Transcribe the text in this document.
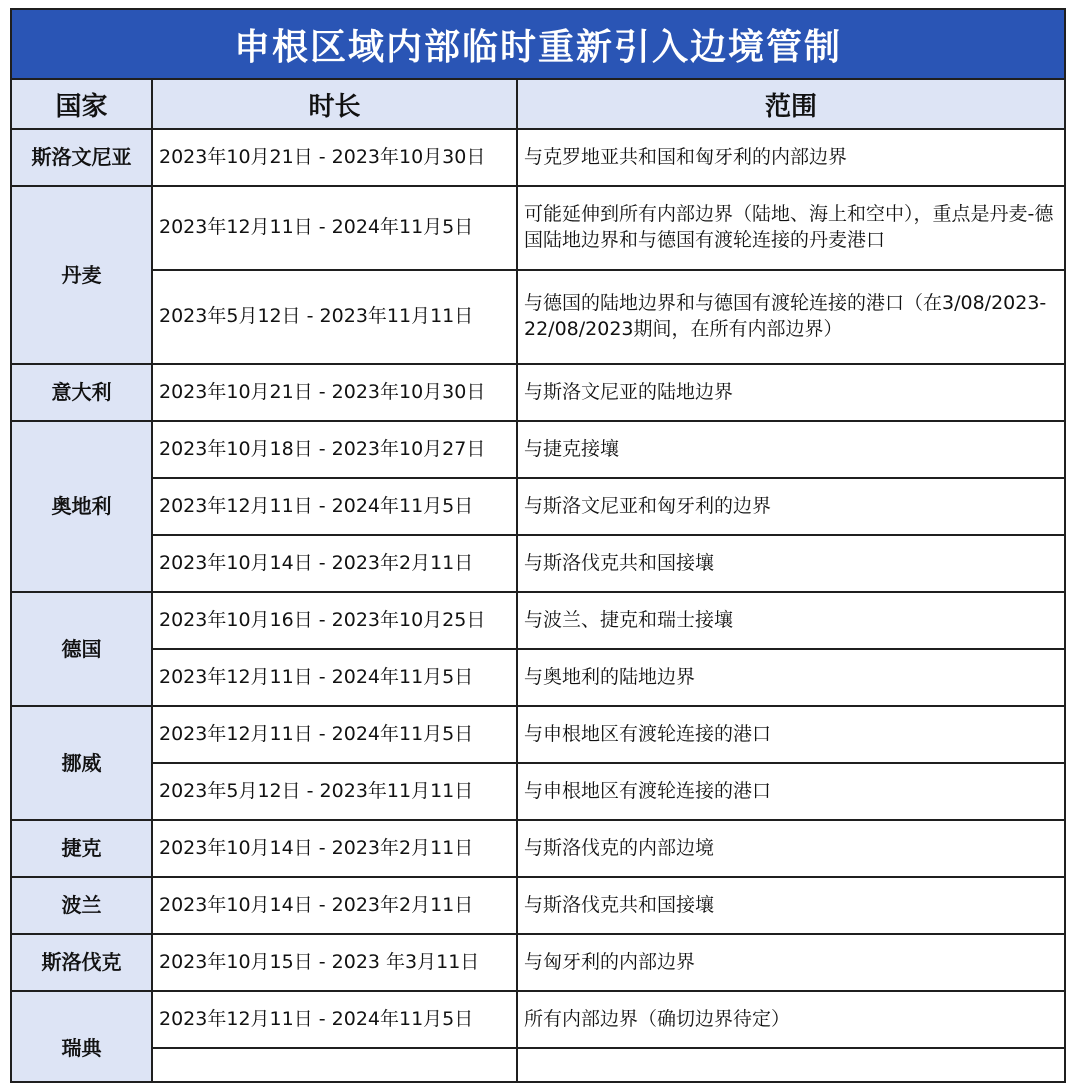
申根区域内部临时重新引入边境管制
国家	时长	范围
斯洛文尼亚	2023年10月21日 - 2023年10月30日	与克罗地亚共和国和匈牙利的内部边界
丹麦	2023年12月11日 - 2024年11月5日	可能延伸到所有内部边界（陆地、海上和空中），重点是丹麦-德国陆地边界和与德国有渡轮连接的丹麦港口
	2023年5月12日 - 2023年11月11日	与德国的陆地边界和与德国有渡轮连接的港口（在3/08/2023-22/08/2023期间，在所有内部边界）
意大利	2023年10月21日 - 2023年10月30日	与斯洛文尼亚的陆地边界
奥地利	2023年10月18日 - 2023年10月27日	与捷克接壤
	2023年12月11日 - 2024年11月5日	与斯洛文尼亚和匈牙利的边界
	2023年10月14日 - 2023年2月11日	与斯洛伐克共和国接壤
德国	2023年10月16日 - 2023年10月25日	与波兰、捷克和瑞士接壤
	2023年12月11日 - 2024年11月5日	与奥地利的陆地边界
挪威	2023年12月11日 - 2024年11月5日	与申根地区有渡轮连接的港口
	2023年5月12日 - 2023年11月11日	与申根地区有渡轮连接的港口
捷克	2023年10月14日 - 2023年2月11日	与斯洛伐克的内部边境
波兰	2023年10月14日 - 2023年2月11日	与斯洛伐克共和国接壤
斯洛伐克	2023年10月15日 - 2023 年3月11日	与匈牙利的内部边界
瑞典	2023年12月11日 - 2024年11月5日	所有内部边界（确切边界待定）
